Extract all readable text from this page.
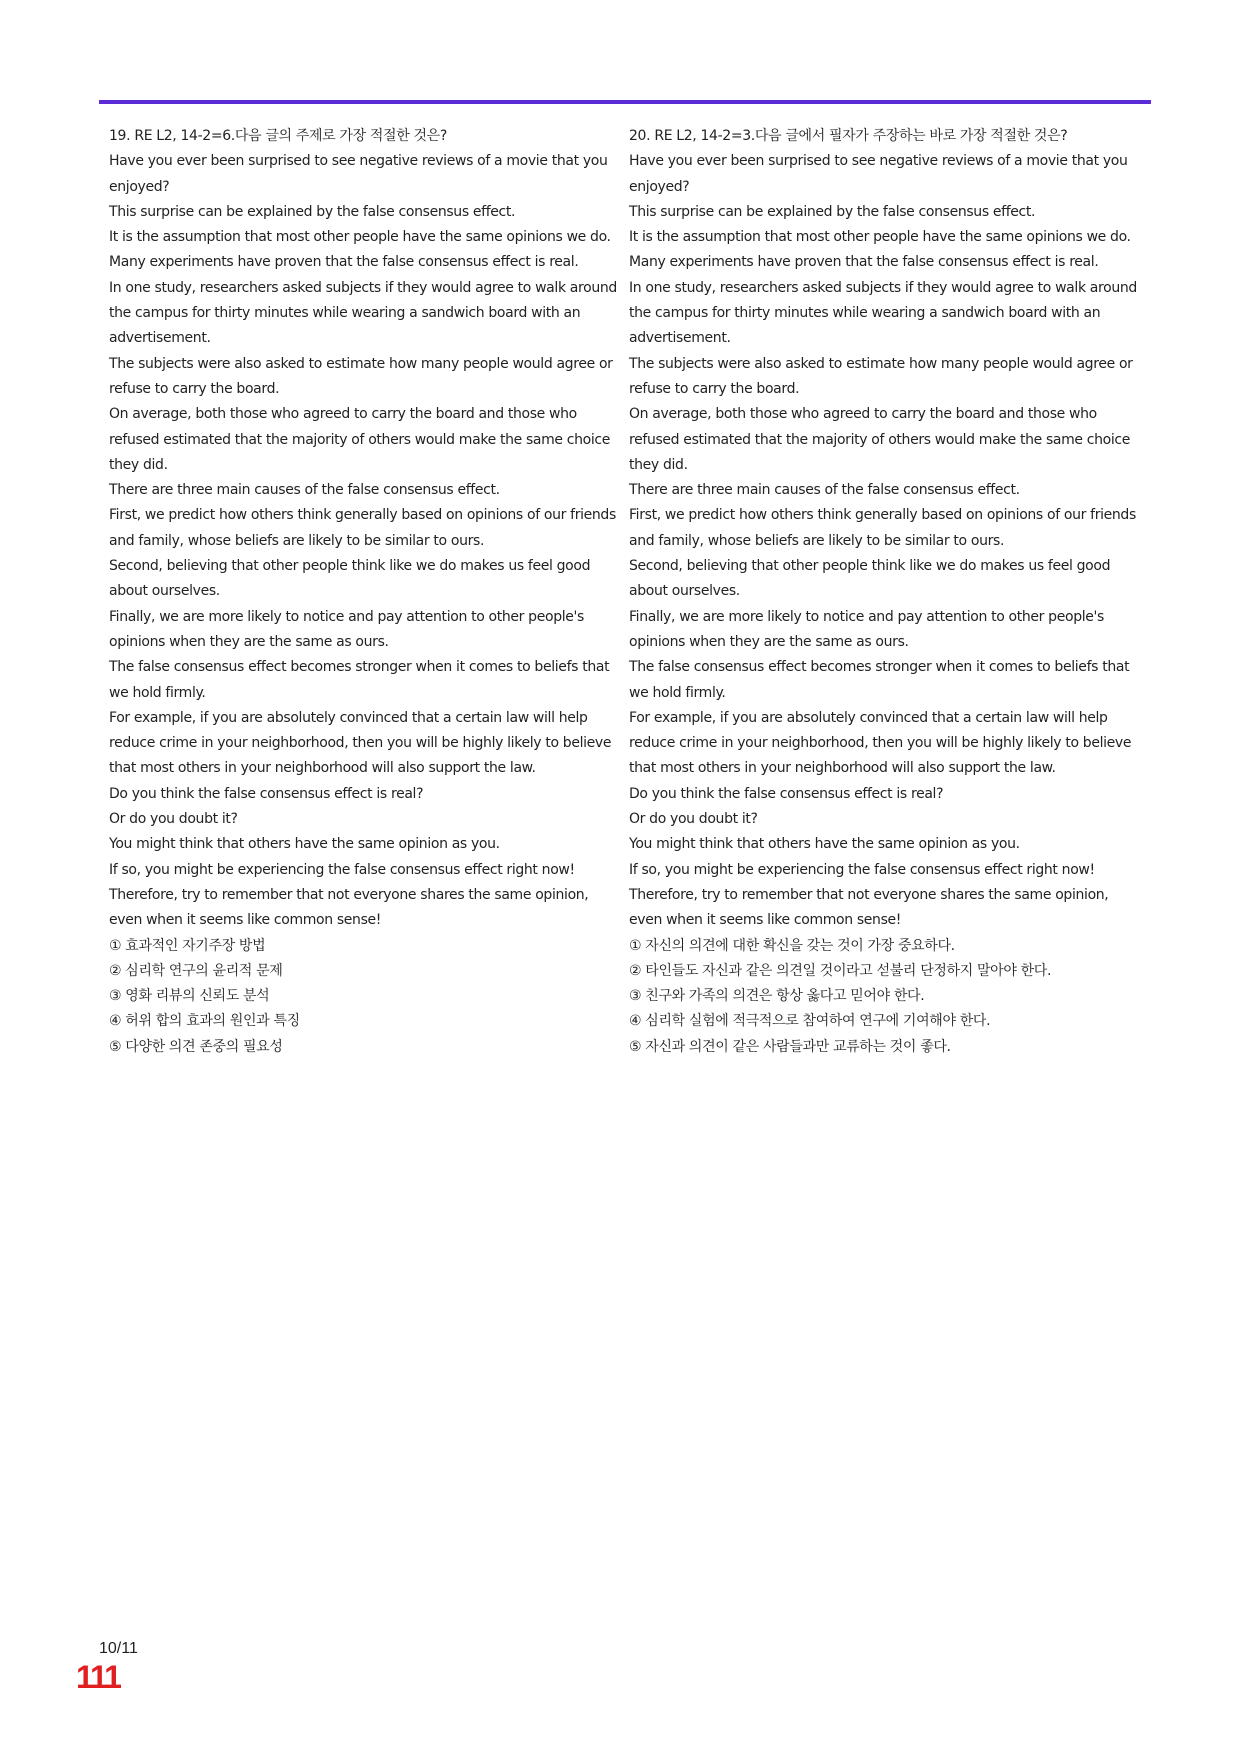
19. RE L2, 14-2=6.다음 글의 주제로 가장 적절한 것은?

Have you ever been surprised to see negative reviews of a movie that you enjoyed?

This surprise can be explained by the false consensus effect.

It is the assumption that most other people have the same opinions we do.

Many experiments have proven that the false consensus effect is real.

In one study, researchers asked subjects if they would agree to walk around the campus for thirty minutes while wearing a sandwich board with an advertisement.

The subjects were also asked to estimate how many people would agree or refuse to carry the board.

On average, both those who agreed to carry the board and those who refused estimated that the majority of others would make the same choice they did.

There are three main causes of the false consensus effect.

First, we predict how others think generally based on opinions of our friends and family, whose beliefs are likely to be similar to ours.

Second, believing that other people think like we do makes us feel good about ourselves.

Finally, we are more likely to notice and pay attention to other people's opinions when they are the same as ours.

The false consensus effect becomes stronger when it comes to beliefs that we hold firmly.

For example, if you are absolutely convinced that a certain law will help reduce crime in your neighborhood, then you will be highly likely to believe that most others in your neighborhood will also support the law.

Do you think the false consensus effect is real?

Or do you doubt it?

You might think that others have the same opinion as you.

If so, you might be experiencing the false consensus effect right now!

Therefore, try to remember that not everyone shares the same opinion, even when it seems like common sense!

① 효과적인 자기주장 방법

② 심리학 연구의 윤리적 문제

③ 영화 리뷰의 신뢰도 분석

④ 허위 합의 효과의 원인과 특징

⑤ 다양한 의견 존중의 필요성

20. RE L2, 14-2=3.다음 글에서 필자가 주장하는 바로 가장 적절한 것은?

Have you ever been surprised to see negative reviews of a movie that you enjoyed?

This surprise can be explained by the false consensus effect.

It is the assumption that most other people have the same opinions we do.

Many experiments have proven that the false consensus effect is real.

In one study, researchers asked subjects if they would agree to walk around the campus for thirty minutes while wearing a sandwich board with an advertisement.

The subjects were also asked to estimate how many people would agree or refuse to carry the board.

On average, both those who agreed to carry the board and those who refused estimated that the majority of others would make the same choice they did.

There are three main causes of the false consensus effect.

First, we predict how others think generally based on opinions of our friends and family, whose beliefs are likely to be similar to ours.

Second, believing that other people think like we do makes us feel good about ourselves.

Finally, we are more likely to notice and pay attention to other people's opinions when they are the same as ours.

The false consensus effect becomes stronger when it comes to beliefs that we hold firmly.

For example, if you are absolutely convinced that a certain law will help reduce crime in your neighborhood, then you will be highly likely to believe that most others in your neighborhood will also support the law.

Do you think the false consensus effect is real?

Or do you doubt it?

You might think that others have the same opinion as you.

If so, you might be experiencing the false consensus effect right now!

Therefore, try to remember that not everyone shares the same opinion, even when it seems like common sense!

① 자신의 의견에 대한 확신을 갖는 것이 가장 중요하다.

② 타인들도 자신과 같은 의견일 것이라고 섣불리 단정하지 말아야 한다.

③ 친구와 가족의 의견은 항상 옳다고 믿어야 한다.

④ 심리학 실험에 적극적으로 참여하여 연구에 기여해야 한다.

⑤ 자신과 의견이 같은 사람들과만 교류하는 것이 좋다.

10/11
111
